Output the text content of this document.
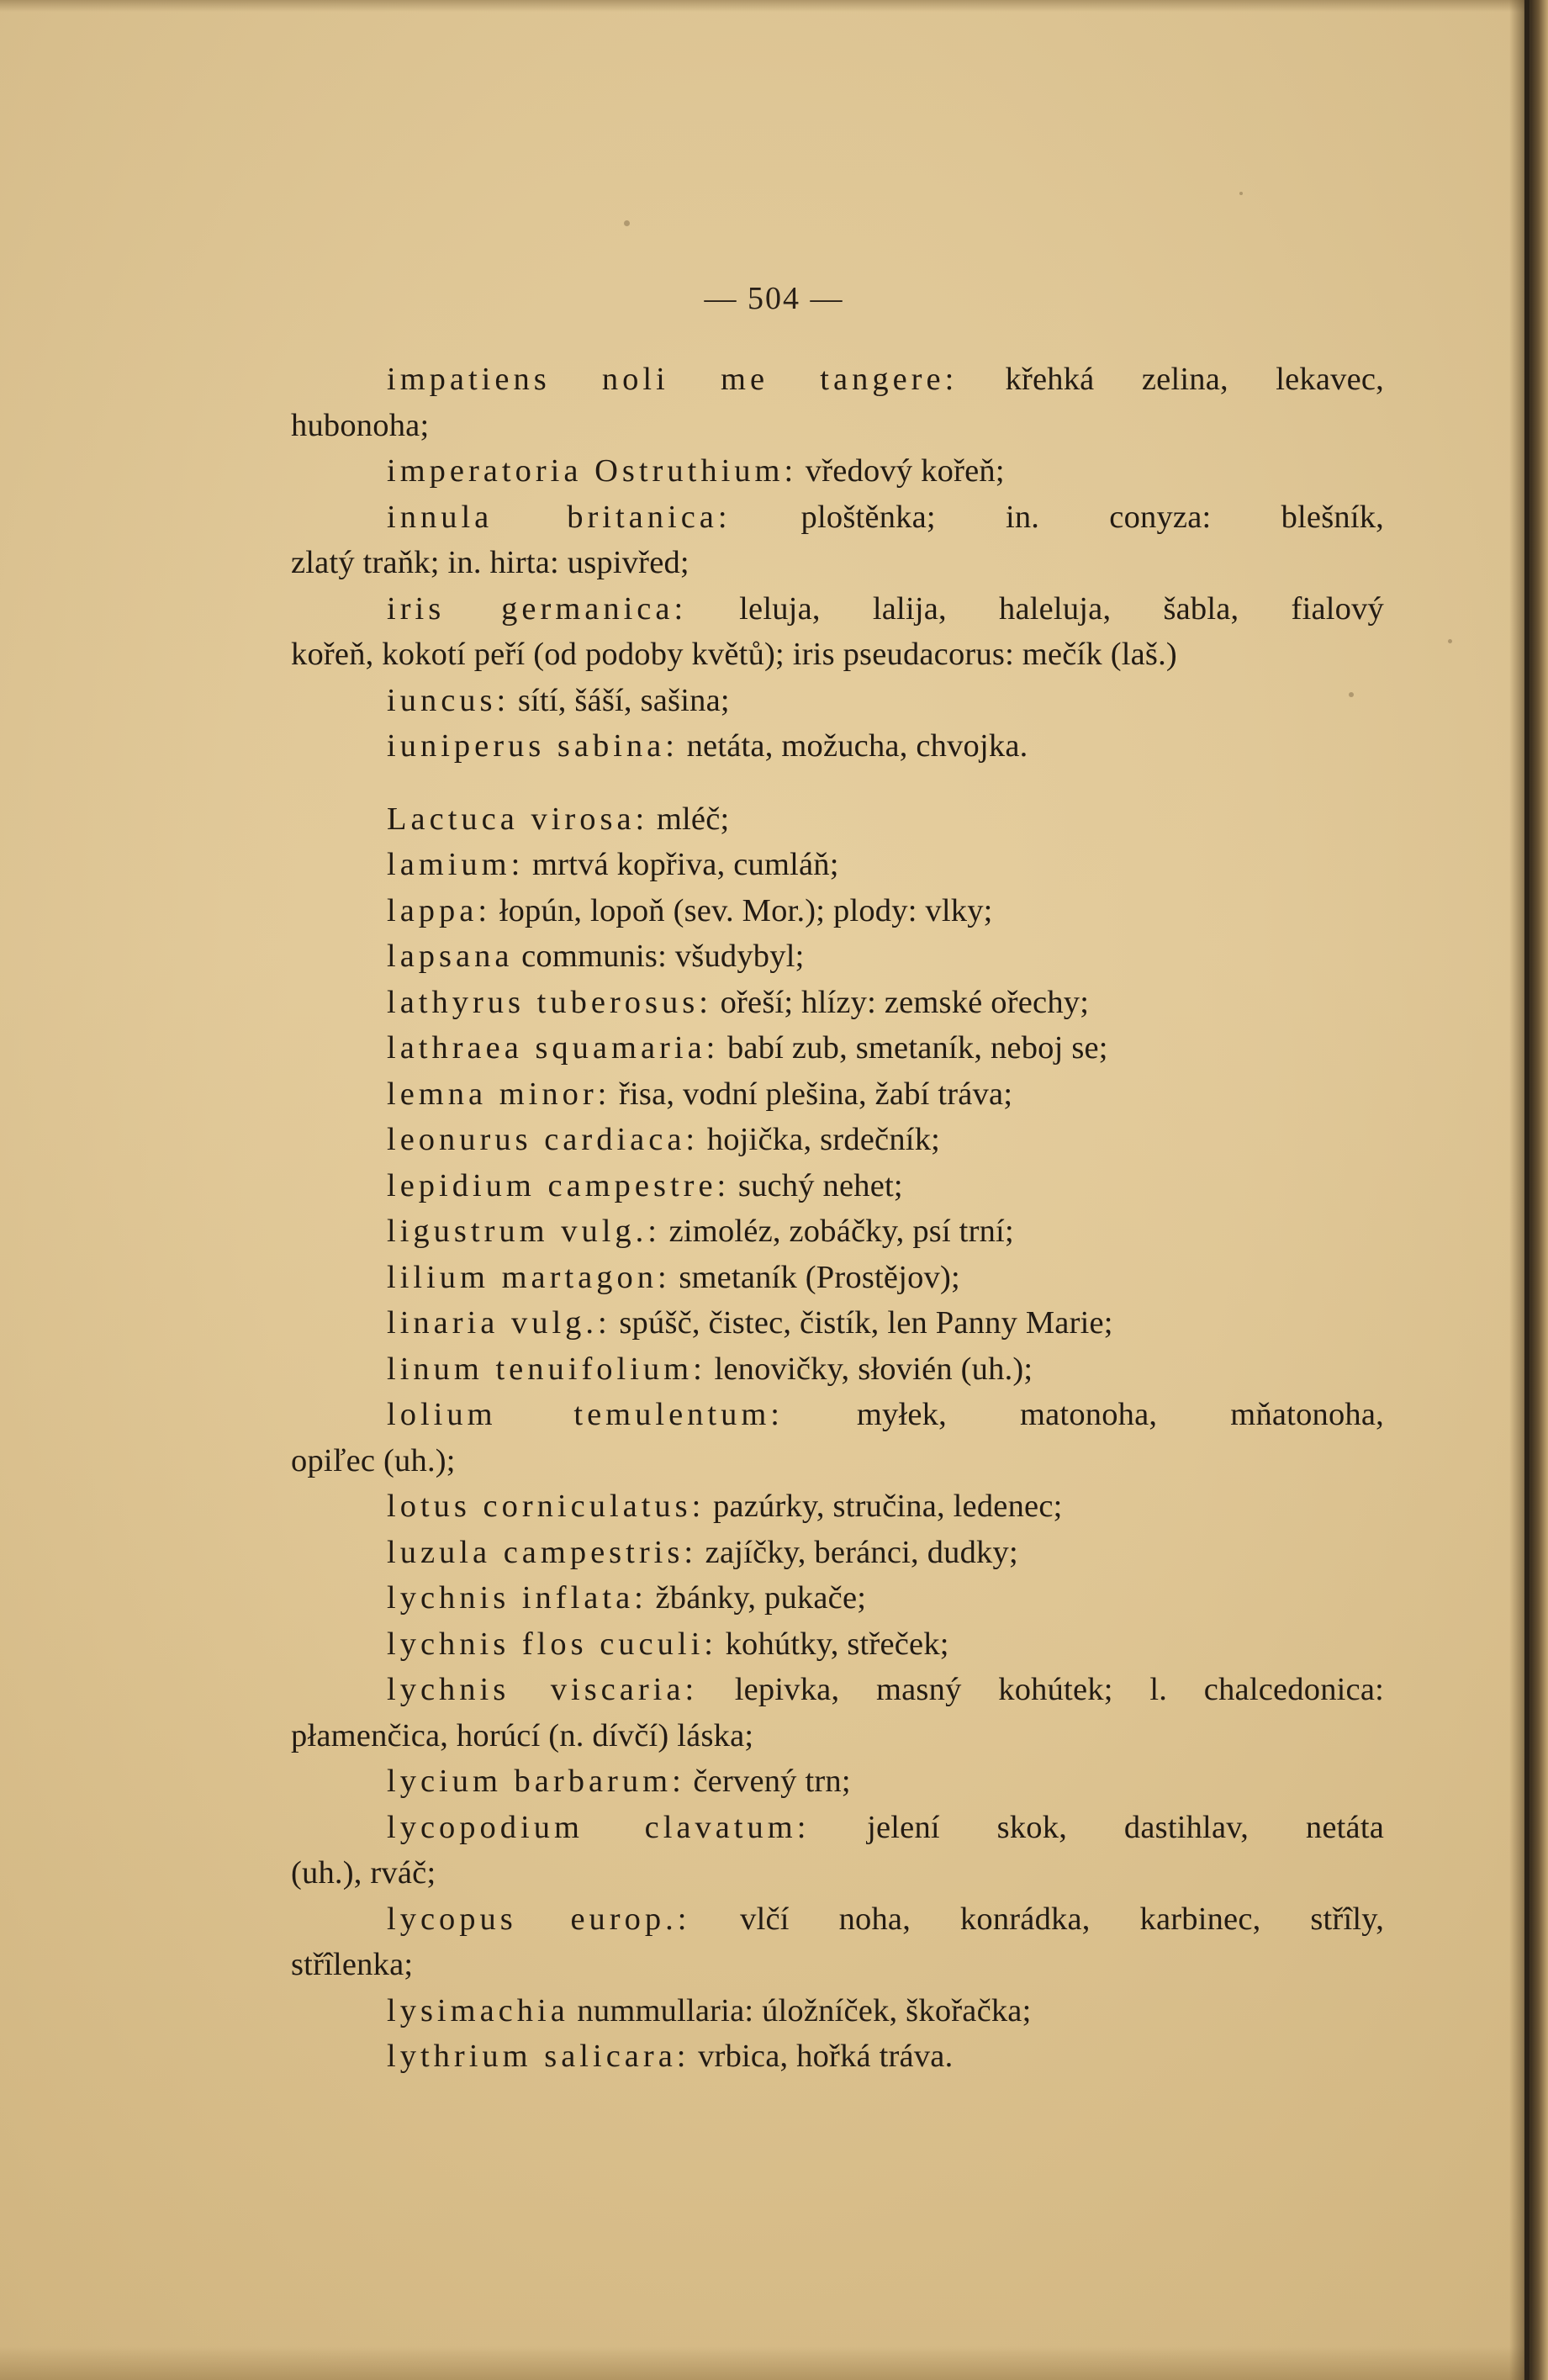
— 504 —
impatiens noli me tangere: křehká zelina, lekavec,
hubonoha;
imperatoria Ostruthium: vředový kořeň;
innula britanica: ploštěnka; in. conyza: blešník,
zlatý traňk; in. hirta: uspivřed;
iris germanica: leluja, lalija, haleluja, šabla, fialový
kořeň, kokotí peří (od podoby květů); iris pseudacorus: mečík (laš.)
iuncus: sítí, šáší, sašina;
iuniperus sabina: netáta, možucha, chvojka.
Lactuca virosa: mléč;
lamium: mrtvá kopřiva, cumláň;
lappa: łopún, lopoň (sev. Mor.); plody: vlky;
lapsana communis: všudybyl;
lathyrus tuberosus: ořeší; hlízy: zemské ořechy;
lathraea squamaria: babí zub, smetaník, neboj se;
lemna minor: řisa, vodní plešina, žabí tráva;
leonurus cardiaca: hojička, srdečník;
lepidium campestre: suchý nehet;
ligustrum vulg.: zimoléz, zobáčky, psí trní;
lilium martagon: smetaník (Prostějov);
linaria vulg.: spúšč, čistec, čistík, len Panny Marie;
linum tenuifolium: lenovičky, słovién (uh.);
lolium temulentum: myłek, matonoha, mňatonoha,
opiľec (uh.);
lotus corniculatus: pazúrky, stručina, ledenec;
luzula campestris: zajíčky, beránci, dudky;
lychnis inflata: žbánky, pukače;
lychnis flos cuculi: kohútky, střeček;
lychnis viscaria: lepivka, masný kohútek; l. chalcedonica:
płamenčica, horúcí (n. dívčí) láska;
lycium barbarum: červený trn;
lycopodium clavatum: jelení skok, dastihlav, netáta
(uh.), rváč;
lycopus europ.: vlčí noha, konrádka, karbinec, střîly,
střîlenka;
lysimachia nummullaria: úložníček, škořačka;
lythrium salicara: vrbica, hořká tráva.
